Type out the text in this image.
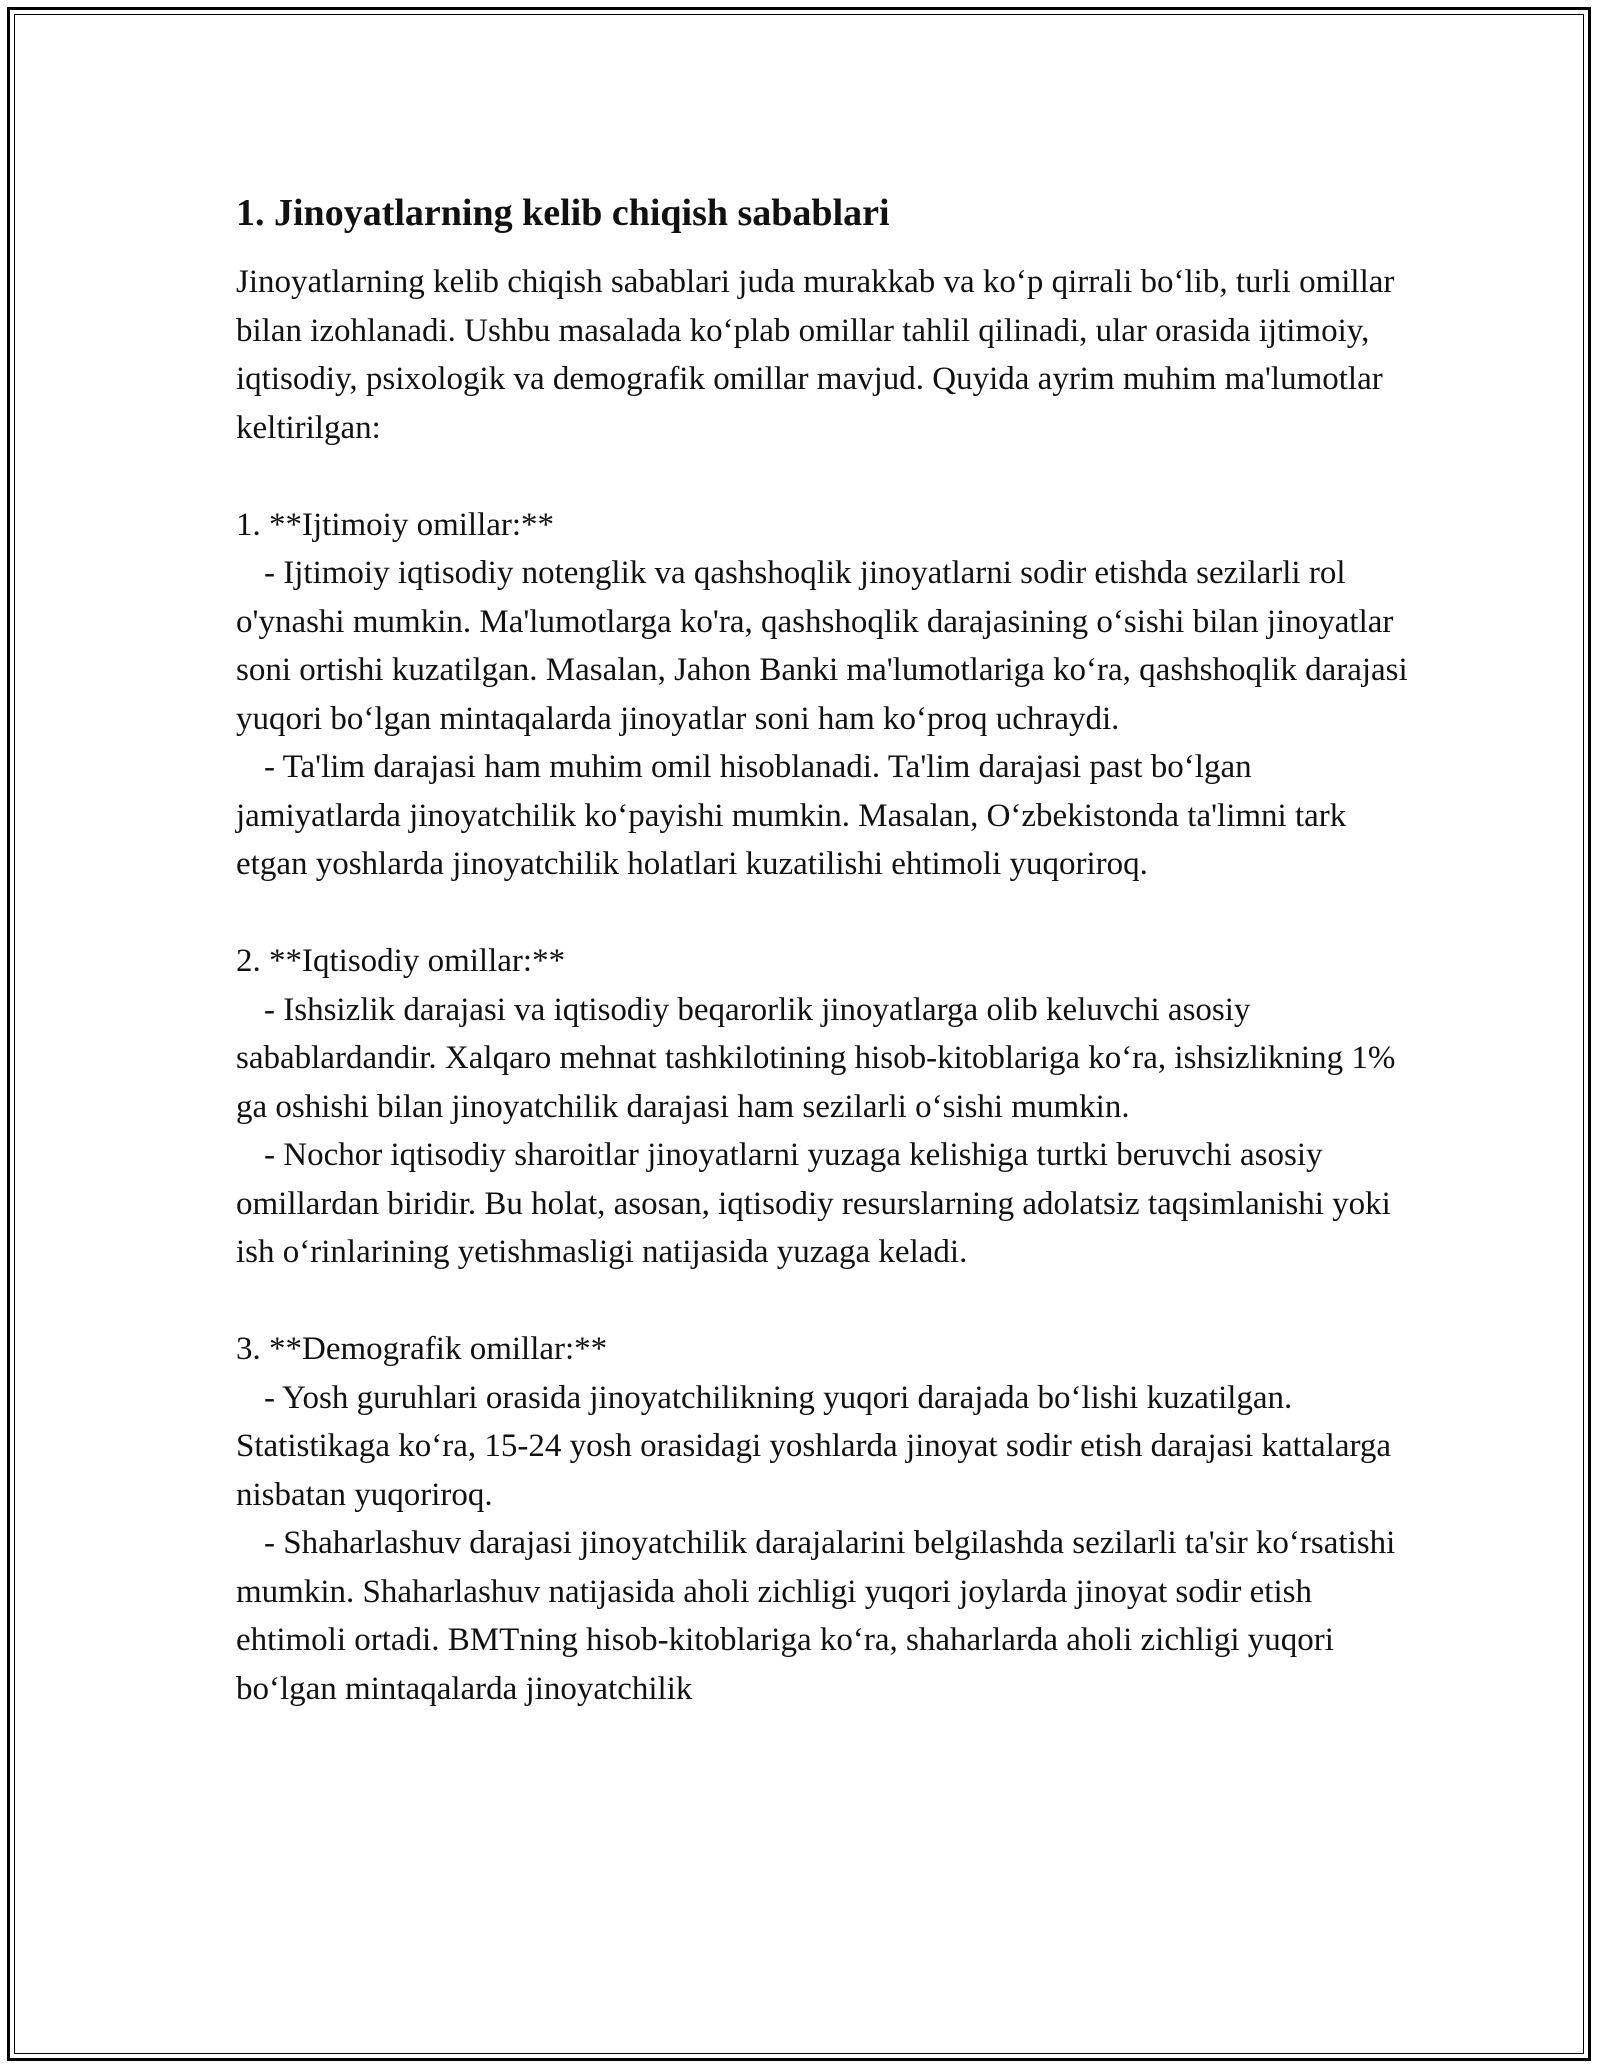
1. Jinoyatlarning kelib chiqish sabablari

Jinoyatlarning kelib chiqish sabablari juda murakkab va ko‘p qirrali bo‘lib, turli omillar bilan izohlanadi. Ushbu masalada ko‘plab omillar tahlil qilinadi, ular orasida ijtimoiy, iqtisodiy, psixologik va demografik omillar mavjud. Quyida ayrim muhim ma'lumotlar keltirilgan:

1. **Ijtimoiy omillar:**

- Ijtimoiy iqtisodiy notenglik va qashshoqlik jinoyatlarni sodir etishda sezilarli rol o'ynashi mumkin. Ma'lumotlarga ko'ra, qashshoqlik darajasining o‘sishi bilan jinoyatlar soni ortishi kuzatilgan. Masalan, Jahon Banki ma'lumotlariga ko‘ra, qashshoqlik darajasi yuqori bo‘lgan mintaqalarda jinoyatlar soni ham ko‘proq uchraydi.

- Ta'lim darajasi ham muhim omil hisoblanadi. Ta'lim darajasi past bo‘lgan jamiyatlarda jinoyatchilik ko‘payishi mumkin. Masalan, O‘zbekistonda ta'limni tark etgan yoshlarda jinoyatchilik holatlari kuzatilishi ehtimoli yuqoriroq.

2. **Iqtisodiy omillar:**

- Ishsizlik darajasi va iqtisodiy beqarorlik jinoyatlarga olib keluvchi asosiy sabablardandir. Xalqaro mehnat tashkilotining hisob-kitoblariga ko‘ra, ishsizlikning 1% ga oshishi bilan jinoyatchilik darajasi ham sezilarli o‘sishi mumkin.

- Nochor iqtisodiy sharoitlar jinoyatlarni yuzaga kelishiga turtki beruvchi asosiy omillardan biridir. Bu holat, asosan, iqtisodiy resurslarning adolatsiz taqsimlanishi yoki ish o‘rinlarining yetishmasligi natijasida yuzaga keladi.

3. **Demografik omillar:**

- Yosh guruhlari orasida jinoyatchilikning yuqori darajada bo‘lishi kuzatilgan. Statistikaga ko‘ra, 15-24 yosh orasidagi yoshlarda jinoyat sodir etish darajasi kattalarga nisbatan yuqoriroq.

- Shaharlashuv darajasi jinoyatchilik darajalarini belgilashda sezilarli ta'sir ko‘rsatishi mumkin. Shaharlashuv natijasida aholi zichligi yuqori joylarda jinoyat sodir etish ehtimoli ortadi. BMTning hisob-kitoblariga ko‘ra, shaharlarda aholi zichligi yuqori bo‘lgan mintaqalarda jinoyatchilik
